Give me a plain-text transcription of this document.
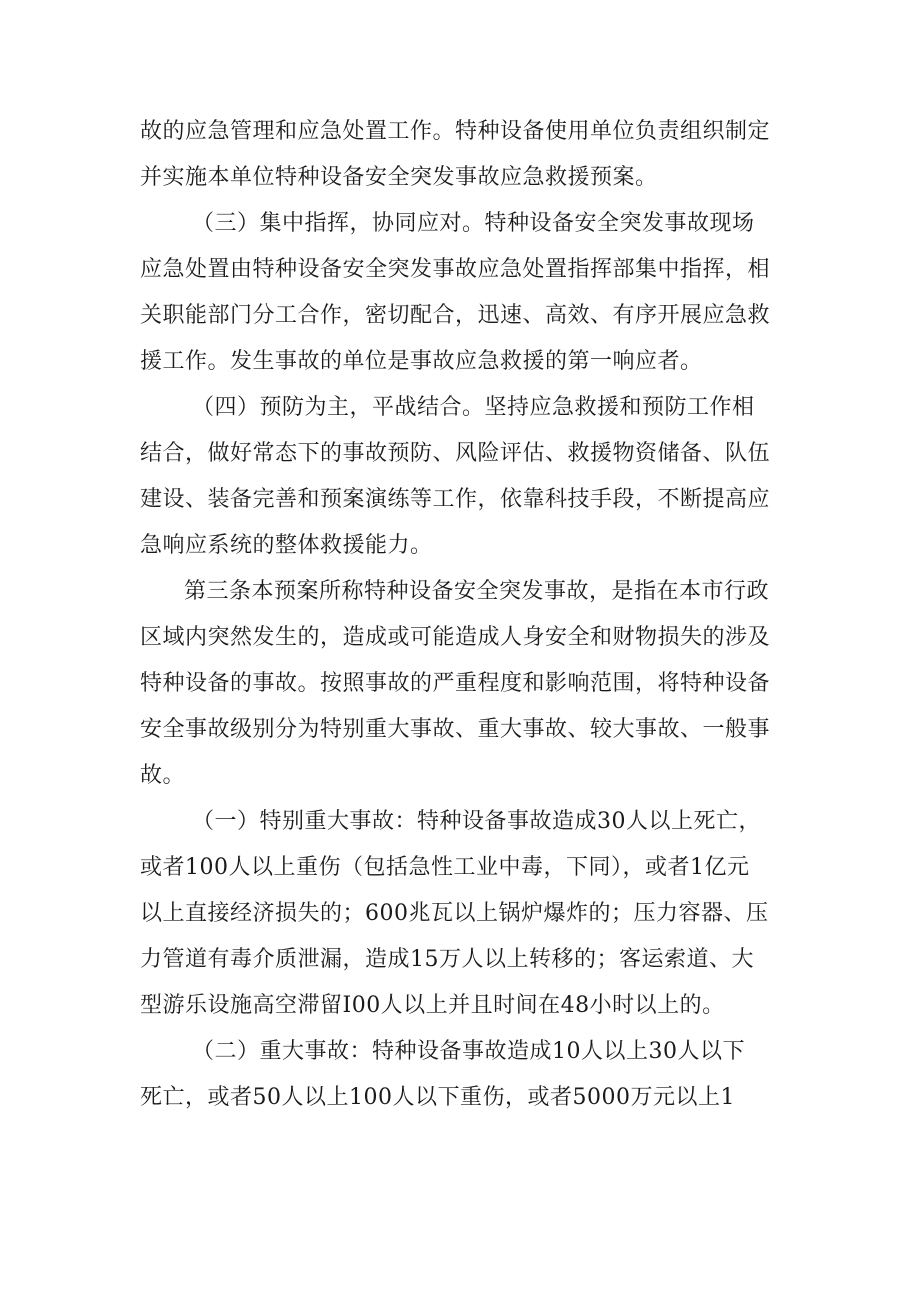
故的应急管理和应急处置工作。特种设备使用单位负责组织制定
并实施本单位特种设备安全突发事故应急救援预案。
（三）集中指挥，协同应对。特种设备安全突发事故现场
应急处置由特种设备安全突发事故应急处置指挥部集中指挥，相
关职能部门分工合作，密切配合，迅速、高效、有序开展应急救
援工作。发生事故的单位是事故应急救援的第一响应者。
（四）预防为主，平战结合。坚持应急救援和预防工作相
结合，做好常态下的事故预防、风险评估、救援物资储备、队伍
建设、装备完善和预案演练等工作，依靠科技手段，不断提高应
急响应系统的整体救援能力。
第三条本预案所称特种设备安全突发事故，是指在本市行政
区域内突然发生的，造成或可能造成人身安全和财物损失的涉及
特种设备的事故。按照事故的严重程度和影响范围，将特种设备
安全事故级别分为特别重大事故、重大事故、较大事故、一般事
故。
（一）特别重大事故：特种设备事故造成30人以上死亡，
或者100人以上重伤（包括急性工业中毒，下同），或者1亿元
以上直接经济损失的；600兆瓦以上锅炉爆炸的；压力容器、压
力管道有毒介质泄漏，造成15万人以上转移的；客运索道、大
型游乐设施高空滞留I00人以上并且时间在48小时以上的。
（二）重大事故：特种设备事故造成10人以上30人以下
死亡，或者50人以上100人以下重伤，或者5000万元以上1
